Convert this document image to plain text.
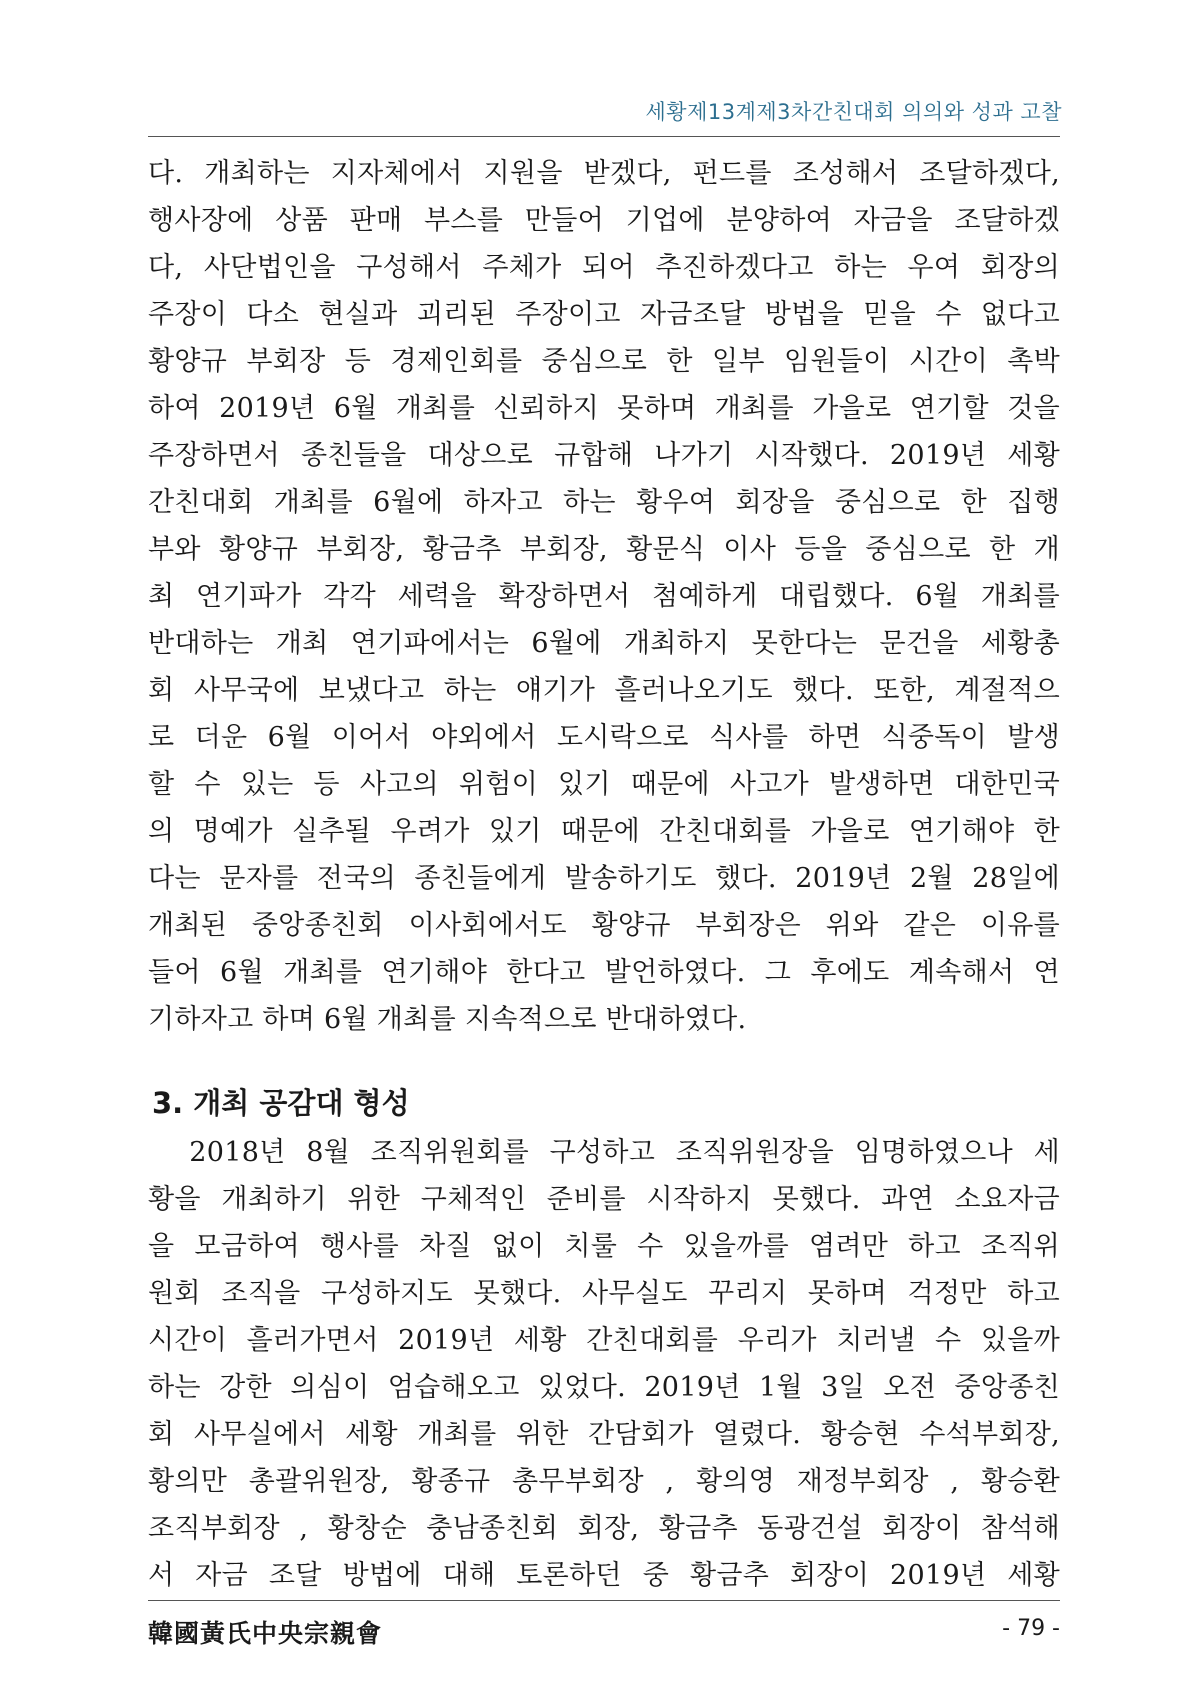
세황제13계제3차간친대회 의의와 성과 고찰
다. 개최하는 지자체에서 지원을 받겠다, 펀드를 조성해서 조달하겠다,
행사장에 상품 판매 부스를 만들어 기업에 분양하여 자금을 조달하겠
다, 사단법인을 구성해서 주체가 되어 추진하겠다고 하는 우여 회장의
주장이 다소 현실과 괴리된 주장이고 자금조달 방법을 믿을 수 없다고
황양규 부회장 등 경제인회를 중심으로 한 일부 임원들이 시간이 촉박
하여 2019년 6월 개최를 신뢰하지 못하며 개최를 가을로 연기할 것을
주장하면서 종친들을 대상으로 규합해 나가기 시작했다. 2019년 세황
간친대회 개최를 6월에 하자고 하는 황우여 회장을 중심으로 한 집행
부와 황양규 부회장, 황금추 부회장, 황문식 이사 등을 중심으로 한 개
최 연기파가 각각 세력을 확장하면서 첨예하게 대립했다. 6월 개최를
반대하는 개최 연기파에서는 6월에 개최하지 못한다는 문건을 세황총
회 사무국에 보냈다고 하는 얘기가 흘러나오기도 했다. 또한, 계절적으
로 더운 6월 이어서 야외에서 도시락으로 식사를 하면 식중독이 발생
할 수 있는 등 사고의 위험이 있기 때문에 사고가 발생하면 대한민국
의 명예가 실추될 우려가 있기 때문에 간친대회를 가을로 연기해야 한
다는 문자를 전국의 종친들에게 발송하기도 했다. 2019년 2월 28일에
개최된 중앙종친회 이사회에서도 황양규 부회장은 위와 같은 이유를
들어 6월 개최를 연기해야 한다고 발언하였다. 그 후에도 계속해서 연
기하자고 하며 6월 개최를 지속적으로 반대하였다.
3. 개최 공감대 형성
2018년 8월 조직위원회를 구성하고 조직위원장을 임명하였으나 세
황을 개최하기 위한 구체적인 준비를 시작하지 못했다. 과연 소요자금
을 모금하여 행사를 차질 없이 치룰 수 있을까를 염려만 하고 조직위
원회 조직을 구성하지도 못했다. 사무실도 꾸리지 못하며 걱정만 하고
시간이 흘러가면서 2019년 세황 간친대회를 우리가 치러낼 수 있을까
하는 강한 의심이 엄습해오고 있었다. 2019년 1월 3일 오전 중앙종친
회 사무실에서 세황 개최를 위한 간담회가 열렸다. 황승현 수석부회장,
황의만 총괄위원장, 황종규 총무부회장 , 황의영 재정부회장 , 황승환
조직부회장 , 황창순 충남종친회 회장, 황금추 동광건설 회장이 참석해
서 자금 조달 방법에 대해 토론하던 중 황금추 회장이 2019년 세황
韓國黃氏中央宗親會	- 79 -
